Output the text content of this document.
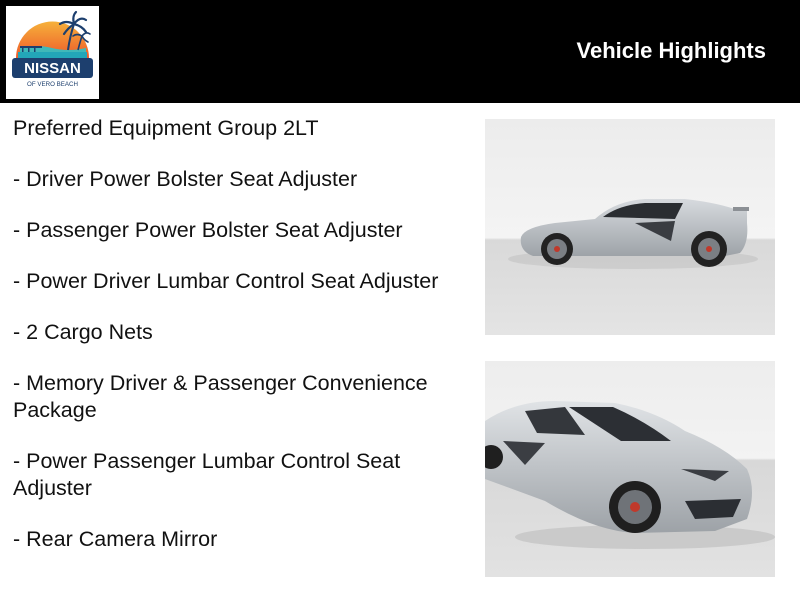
NISSAN
OF VERO BEACH
Vehicle Highlights
Preferred Equipment Group 2LT
- Driver Power Bolster Seat Adjuster
- Passenger Power Bolster Seat Adjuster
- Power Driver Lumbar Control Seat Adjuster
- 2 Cargo Nets
- Memory Driver & Passenger Convenience Package
- Power Passenger Lumbar Control Seat Adjuster
- Rear Camera Mirror
